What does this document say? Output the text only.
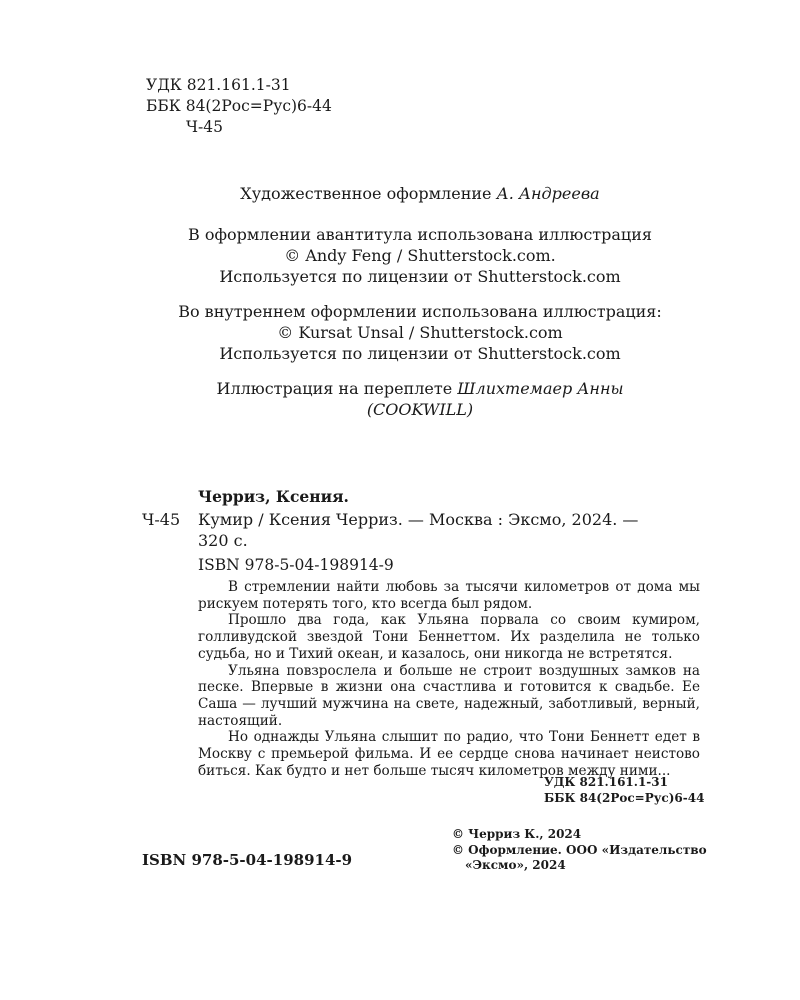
УДК 821.161.1-31
ББК 84(2Рос=Рус)6-44
Ч-45
Художественное оформление А. Андреева
В оформлении авантитула использована иллюстрация
© Andy Feng / Shutterstock.com.
Используется по лицензии от Shutterstock.com
Во внутреннем оформлении использована иллюстрация:
© Kursat Unsal / Shutterstock.com
Используется по лицензии от Shutterstock.com
Иллюстрация на переплете Шлихтемаер Анны
(COOKWILL)
Черриз, Ксения.
Ч-45 Кумир / Ксения Черриз. — Москва : Эксмо, 2024. —
320 с.
ISBN 978-5-04-198914-9

В стремлении найти любовь за тысячи километров от дома мы рискуем потерять того, кто всегда был рядом.

Прошло два года, как Ульяна порвала со своим кумиром, голливудской звездой Тони Беннеттом. Их разделила не только судьба, но и Тихий океан, и казалось, они никогда не встретятся.

Ульяна повзрослела и больше не строит воздушных замков на песке. Впервые в жизни она счастлива и готовится к свадьбе. Ее Саша — лучший мужчина на свете, надежный, заботливый, верный, настоящий.

Но однажды Ульяна слышит по радио, что Тони Беннетт едет в Москву с премьерой фильма. И ее сердце снова начинает неистово биться. Как будто и нет больше тысяч километров между ними...

УДК 821.161.1-31
ББК 84(2Рос=Рус)6-44
ISBN 978-5-04-198914-9
© Черриз К., 2024
© Оформление. ООО «Издательство
«Эксмо», 2024
